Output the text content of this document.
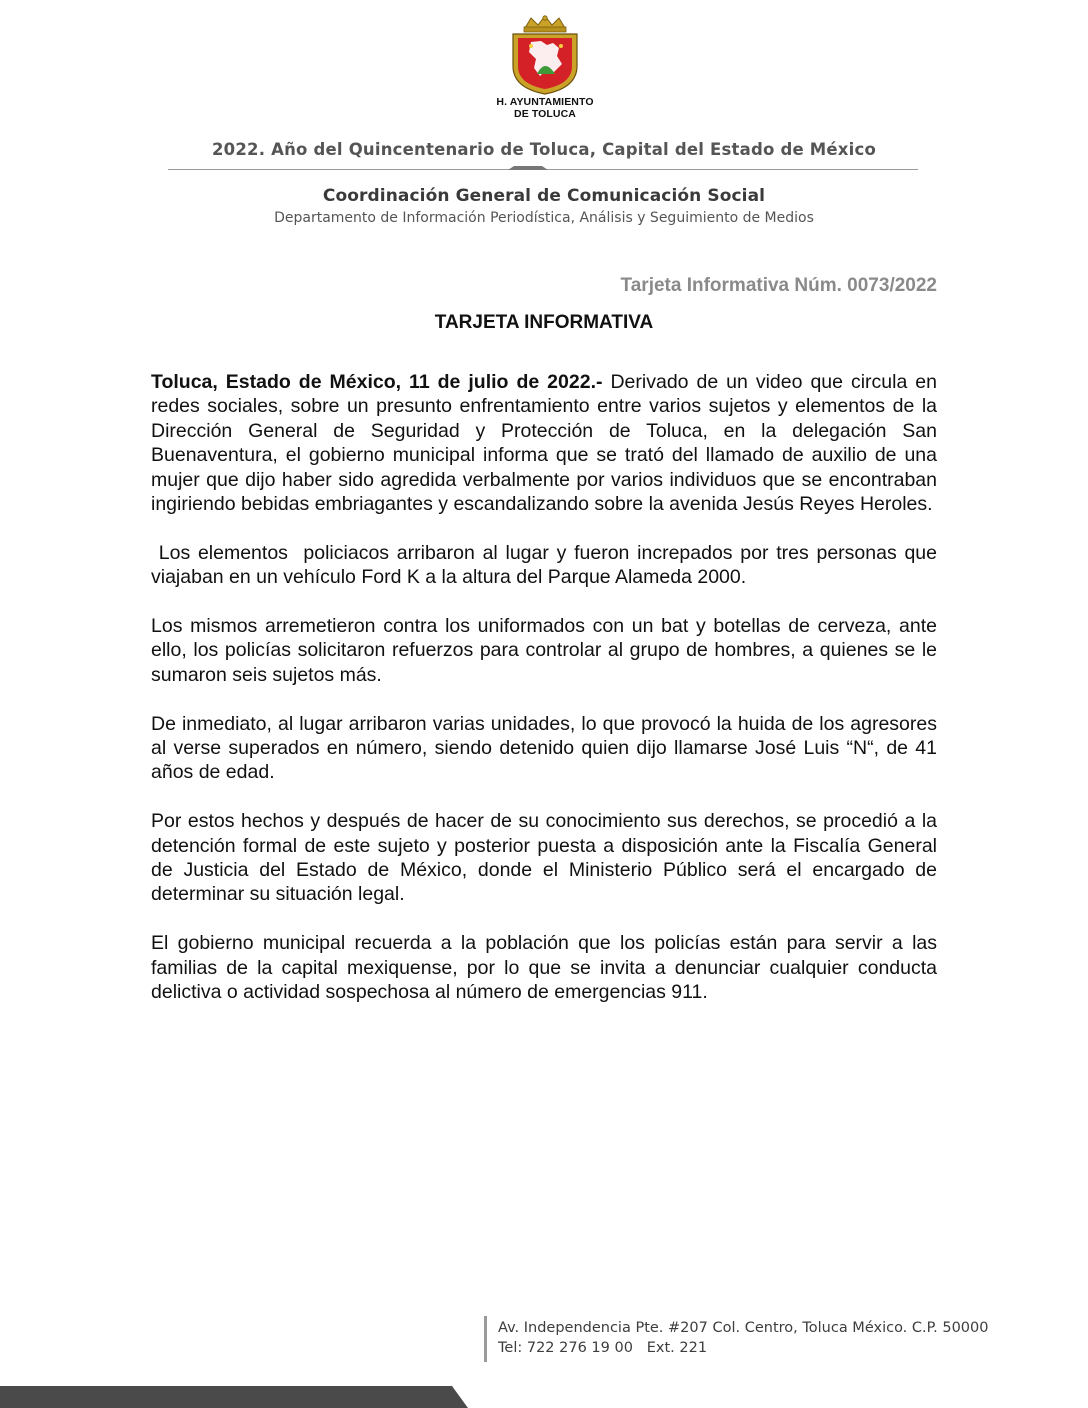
H. AYUNTAMIENTO
DE TOLUCA
2022. Año del Quincentenario de Toluca, Capital del Estado de México
Coordinación General de Comunicación Social
Departamento de Información Periodística, Análisis y Seguimiento de Medios
Tarjeta Informativa Núm. 0073/2022
TARJETA INFORMATIVA

Toluca, Estado de México, 11 de julio de 2022.- Derivado de un video que circula en redes sociales, sobre un presunto enfrentamiento entre varios sujetos y elementos de la Dirección General de Seguridad y Protección de Toluca, en la delegación San Buenaventura, el gobierno municipal informa que se trató del llamado de auxilio de una mujer que dijo haber sido agredida verbalmente por varios individuos que se encontraban ingiriendo bebidas embriagantes y escandalizando sobre la avenida Jesús Reyes Heroles.

Los elementos  policiacos arribaron al lugar y fueron increpados por tres personas que viajaban en un vehículo Ford K a la altura del Parque Alameda 2000.

Los mismos arremetieron contra los uniformados con un bat y botellas de cerveza, ante ello, los policías solicitaron refuerzos para controlar al grupo de hombres, a quienes se le sumaron seis sujetos más.

De inmediato, al lugar arribaron varias unidades, lo que provocó la huida de los agresores al verse superados en número, siendo detenido quien dijo llamarse José Luis “N“, de 41 años de edad.

Por estos hechos y después de hacer de su conocimiento sus derechos, se procedió a la detención formal de este sujeto y posterior puesta a disposición ante la Fiscalía General de Justicia del Estado de México, donde el Ministerio Público será el encargado de determinar su situación legal.

El gobierno municipal recuerda a la población que los policías están para servir a las familias de la capital mexiquense, por lo que se invita a denunciar cualquier conducta delictiva o actividad sospechosa al número de emergencias 911.

Av. Independencia Pte. #207 Col. Centro, Toluca México. C.P. 50000
Tel: 722 276 19 00   Ext. 221
